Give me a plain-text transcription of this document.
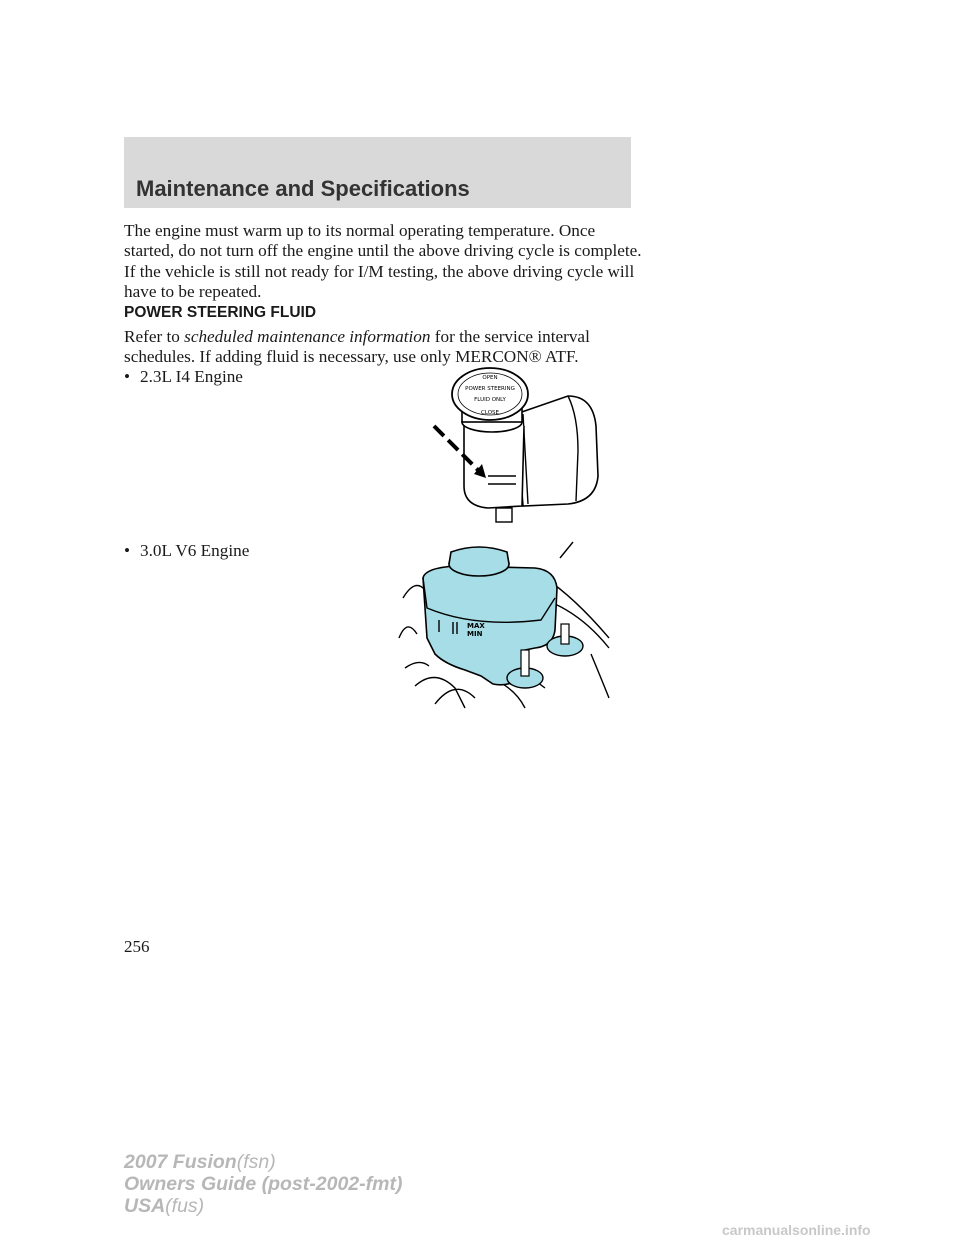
Maintenance and Specifications
The engine must warm up to its normal operating temperature. Once started, do not turn off the engine until the above driving cycle is complete. If the vehicle is still not ready for I/M testing, the above driving cycle will have to be repeated.
POWER STEERING FLUID
Refer to scheduled maintenance information for the service interval schedules. If adding fluid is necessary, use only MERCON® ATF.
• 2.3L I4 Engine	OPEN
POWER STEERING
FLUID ONLY
CLOSE
• 3.0L V6 Engine
MAX
MIN
256
2007 Fusion(fsn)
Owners Guide (post-2002-fmt)
USA(fus)
carmanualsonline.info
